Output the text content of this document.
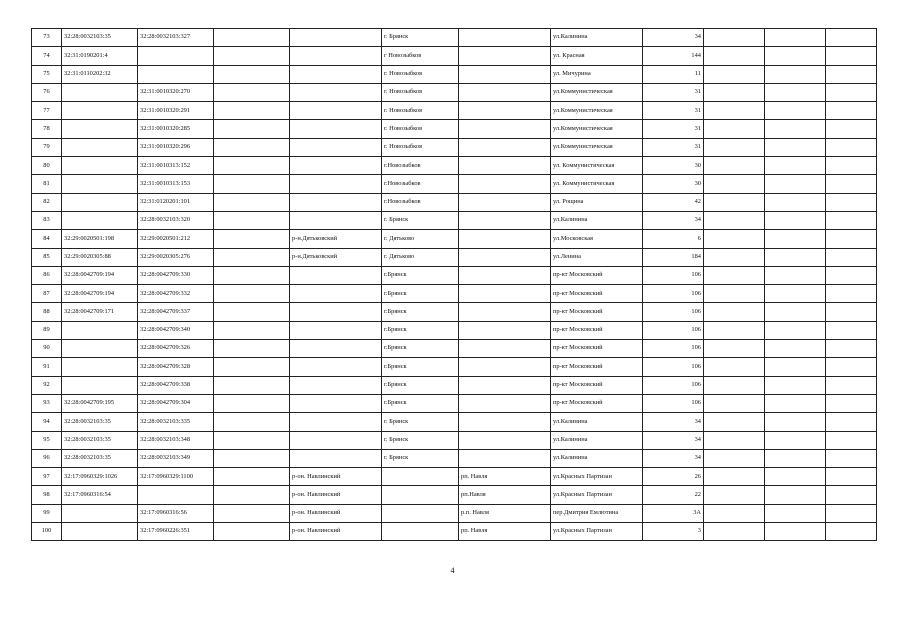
73	32:28:0032103:35	32:28:0032103:327			г. Брянск		ул.Калинина	34			
74	32:31:0190201:4				г Новозыбков		ул. Красная	144			
75	32:31:0110202:32				г. Новозыбков		ул. Мичурина	11			
76		32:31:0010320:270			г. Новозыбков		ул.Коммунистическая	31			
77		32:31:0010320:291			г. Новозыбков		ул.Коммунистическая	31			
78		32:31:0010320:285			г. Новозыбков		ул.Коммунистическая	31			
79		32:31:0010320:296			г. Новозыбков		ул.Коммунистическая	31			
80		32:31:0010313:152			г.Новозыбков		ул. Коммунистическая	30			
81		32:31:0010313:153			г.Новозыбков		ул. Коммунистическая	30			
82		32:31:0120201:101			г.Новозыбков		ул. Рощина	42			
83		32:28:0032103:320			г. Брянск		ул.Калинина	34			
84	32:29:0020501:198	32:29:0020501:212		р-н.Дятьковский	г. Дятьково		ул.Московская	6			
85	32:29:0020305:88	32:29:0020305:276		р-н.Дятьковский	г. Дятьково		ул.Ленина	184			
86	32:28:0042709:194	32:28:0042709:330			г.Брянск		пр-кт Московский	106			
87	32:28:0042709:194	32:28:0042709:332			г.Брянск		пр-кт Московский	106			
88	32:28:0042709:171	32:28:0042709:337			г.Брянск		пр-кт Московский	106			
89		32:28:0042709:340			г.Брянск		пр-кт Московский	106			
90		32:28:0042709:326			г.Брянск		пр-кт Московский	106			
91		32:28:0042709:328			г.Брянск		пр-кт Московский	106			
92		32:28:0042709:338			г.Брянск		пр-кт Московский	106			
93	32:28:0042709:195	32:28:0042709:304			г.Брянск		пр-кт Московский	106			
94	32:28:0032103:35	32:28:0032103:335			г. Брянск		ул.Калинина	34			
95	32:28:0032103:35	32:28:0032103:348			г. Брянск		ул.Калинина	34			
96	32:28:0032103:35	32:28:0032103:349			г. Брянск		ул.Калинина	34			
97	32:17:0960329:1026	32:17:0960329:1100		р-он. Навлинский		рп. Навля	ул.Красных Партизан	26			
98	32:17:0960316:54			р-он. Навлинский		рп.Навля	ул.Красных Партизан	22			
99		32:17:0960316:56		р-он. Навлинский		р.п. Навля	пер.Дмитрия Емлютина	3А			
100		32:17:0960226:351		р-он. Навлинский		рп. Навля	ул.Красных Партизан	3			
4
